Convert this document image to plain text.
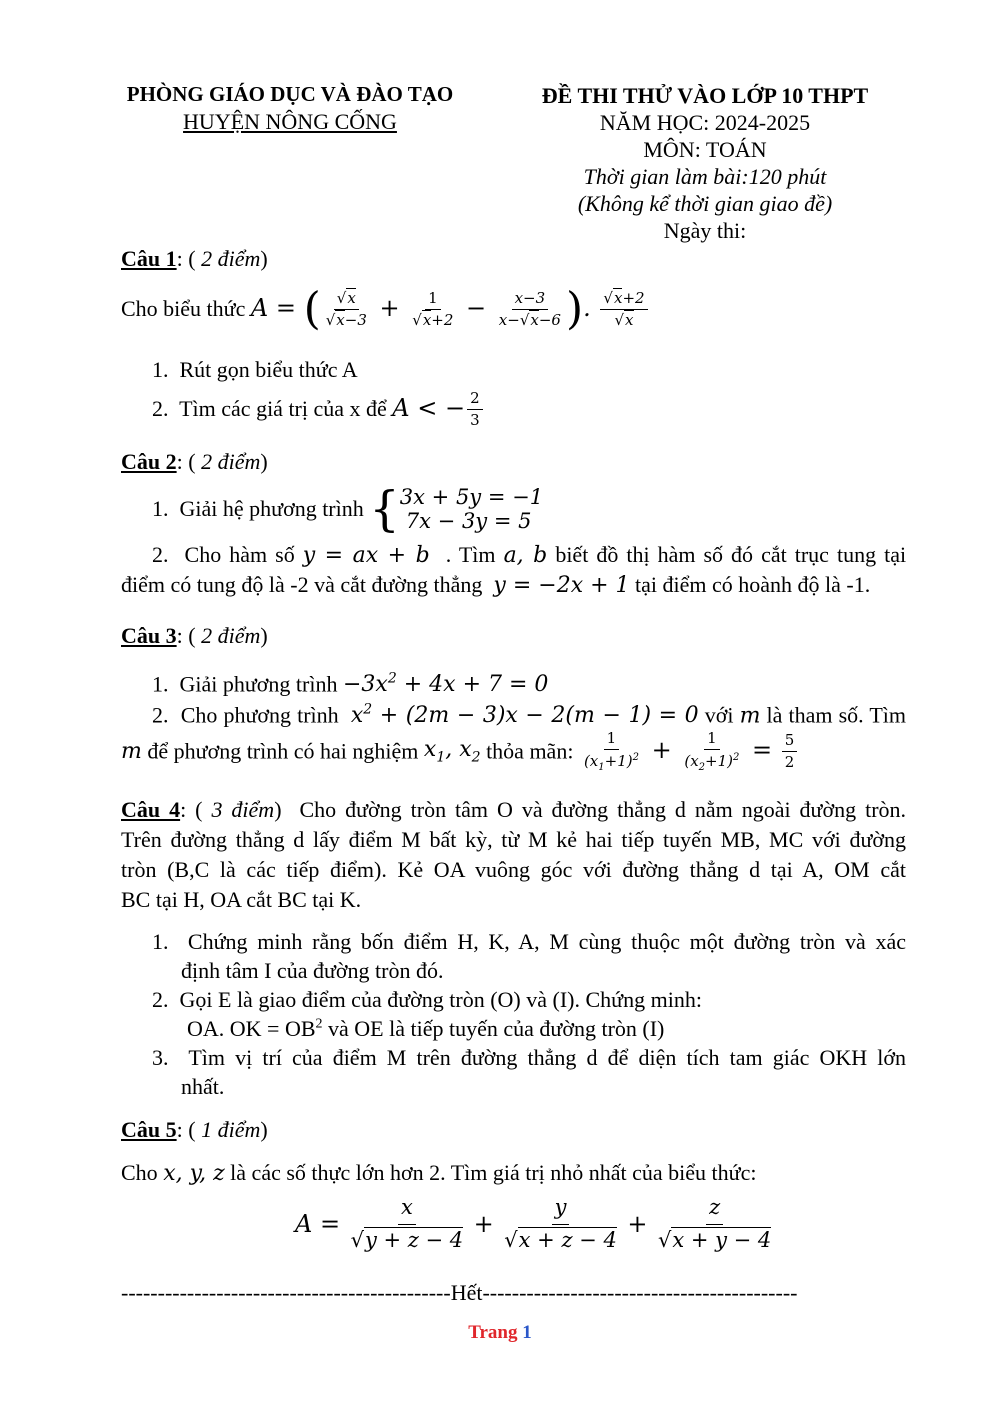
PHÒNG GIÁO DỤC VÀ ĐÀO TẠO
HUYỆN NÔNG CỐNG
ĐỀ THI THỬ VÀO LỚP 10 THPT
NĂM HỌC: 2024-2025
MÔN: TOÁN
Thời gian làm bài:120 phút
(Không kể thời gian giao đề)
Ngày thi:
Câu 1: ( 2 điểm)
Cho biểu thức A = ( $\frac{√x}{√x-3} + \frac{1}{√x+2} - \frac{x-3}{x-√x-6}$ ). $\frac{√x+2}{√x}$
1.  Rút gọn biểu thức A
2.  Tìm các giá trị của x để A < − $\frac{2}{3}$
Câu 2: ( 2 điểm)
1.  Giải hệ phương trình { 3x + 5y = −1
7x − 3y = 5
2.  Cho hàm số y = ax + b . Tìm a, b biết đồ thị hàm số đó cắt trục tung tại
điểm có tung độ là -2 và cắt đường thẳng y = −2x + 1 tại điểm có hoành độ là -1.
Câu 3: ( 2 điểm)
1.  Giải phương trình $-3x^2 + 4x + 7 = 0$
2.  Cho phương trình $x^2 + (2m - 3)x - 2(m - 1) = 0$ với m là tham số. Tìm
m để phương trình có hai nghiệm $x_1$, $x_2$ thỏa mãn: $\frac{1}{(x_1+1)^2} + \frac{1}{(x_2+1)^2} = \frac{5}{2}$
Câu 4: ( 3 điểm)  Cho đường tròn tâm O và đường thẳng d nằm ngoài đường tròn.
Trên đường thẳng d lấy điểm M bất kỳ, từ M kẻ hai tiếp tuyến MB, MC với đường
tròn (B,C là các tiếp điểm). Kẻ OA vuông góc với đường thẳng d tại A, OM cắt
BC tại H, OA cắt BC tại K.
1.  Chứng minh rằng bốn điểm H, K, A, M cùng thuộc một đường tròn và xác
định tâm I của đường tròn đó.
2.  Gọi E là giao điểm của đường tròn (O) và (I). Chứng minh:
OA. OK = $OB^2$ và OE là tiếp tuyến của đường tròn (I)
3.  Tìm vị trí của điểm M trên đường thẳng d để diện tích tam giác OKH lớn
nhất.
Câu 5: ( 1 điểm)
Cho x, y, z là các số thực lớn hơn 2. Tìm giá trị nhỏ nhất của biểu thức:
$A = \frac{x}{√y + z - 4} + \frac{y}{√x + z - 4} + \frac{z}{√x + y - 4}$
---------------------------------------------Hết-------------------------------------------
Trang 1
